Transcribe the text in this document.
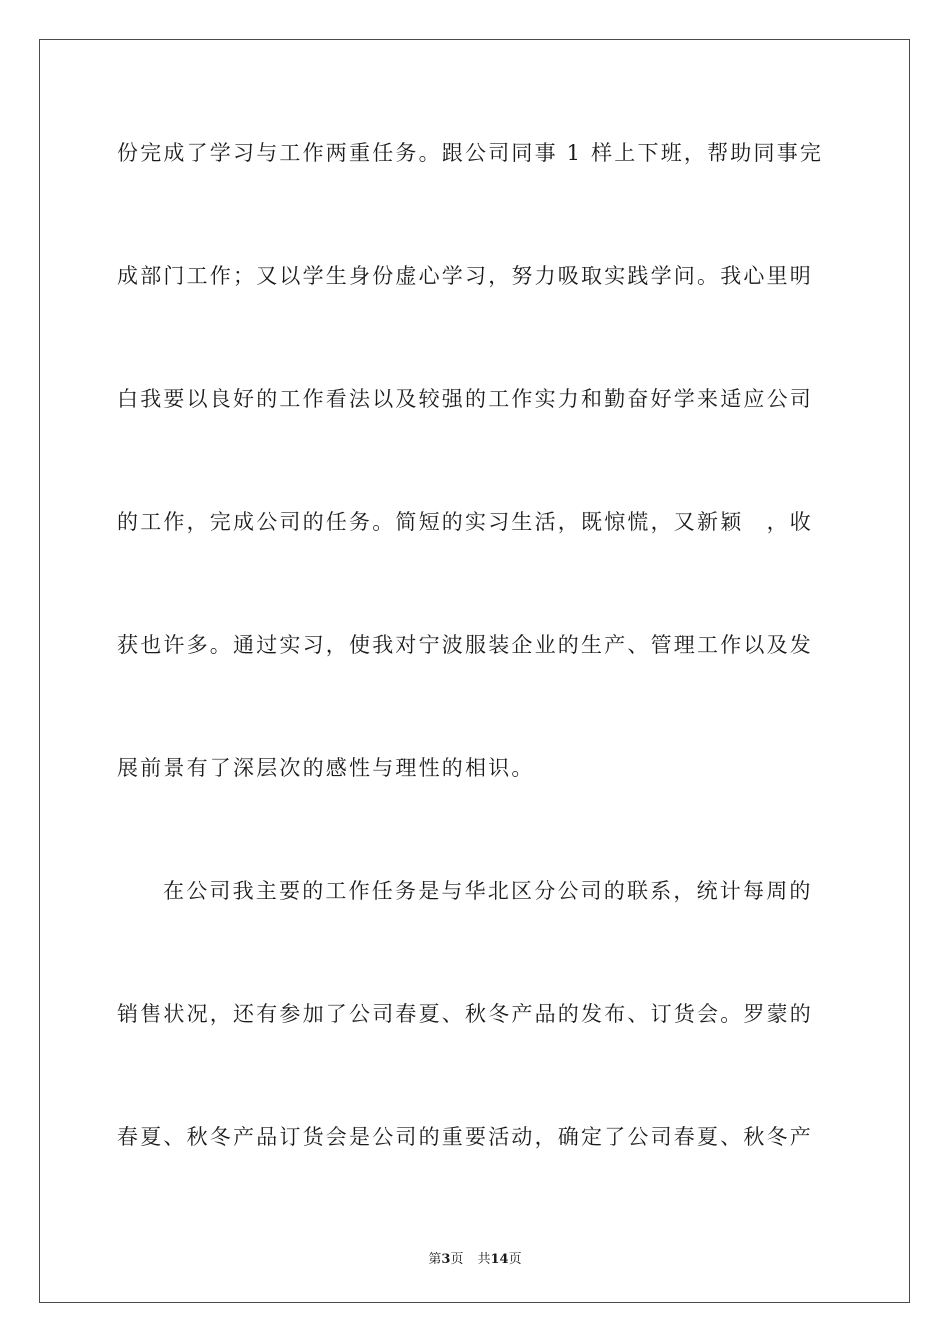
份完成了学习与工作两重任务。跟公司同事 1 样上下班，帮助同事完
成部门工作；又以学生身份虚心学习，努力吸取实践学问。我心里明
白我要以良好的工作看法以及较强的工作实力和勤奋好学来适应公司
的工作，完成公司的任务。简短的实习生活，既惊慌，又新颖　，收
获也许多。通过实习，使我对宁波服装企业的生产、管理工作以及发
展前景有了深层次的感性与理性的相识。
在公司我主要的工作任务是与华北区分公司的联系，统计每周的
销售状况，还有参加了公司春夏、秋冬产品的发布、订货会。罗蒙的
春夏、秋冬产品订货会是公司的重要活动，确定了公司春夏、秋冬产
第3页 共14页
